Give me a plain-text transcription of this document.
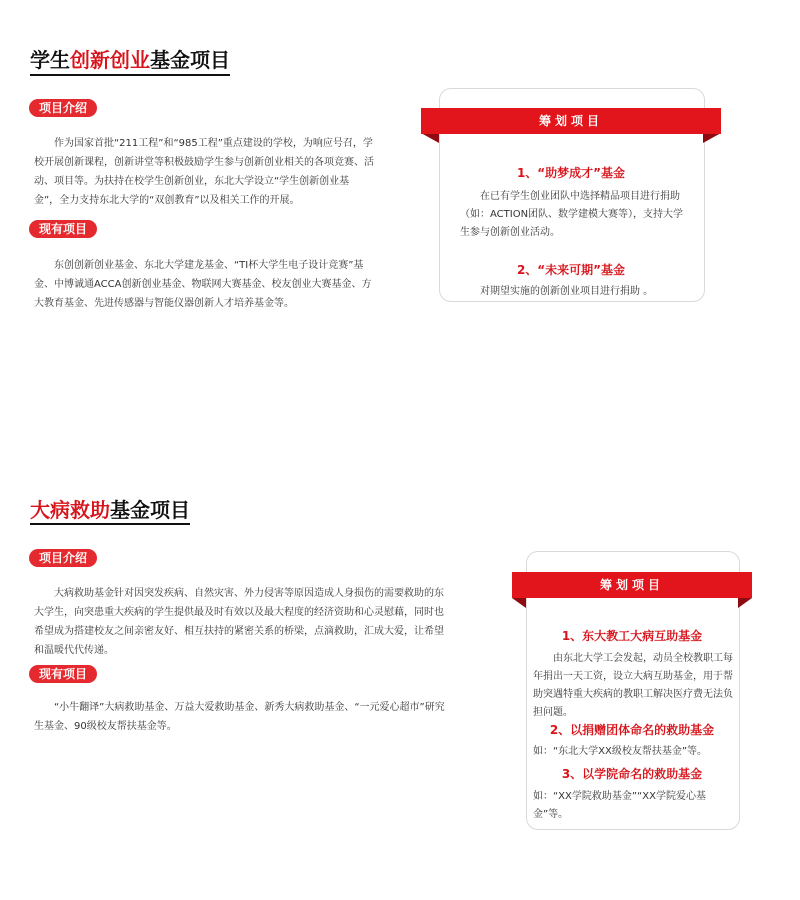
学生创新创业基金项目
项目介绍
作为国家首批“211工程”和“985工程”重点建设的学校，为响应号召，学校开展创新课程，创新讲堂等积极鼓励学生参与创新创业相关的各项竞赛、活动、项目等。为扶持在校学生创新创业，东北大学设立“学生创新创业基金”，全力支持东北大学的“双创教育”以及相关工作的开展。
现有项目
东创创新创业基金、东北大学建龙基金、“TI杯大学生电子设计竞赛”基金、中博诚通ACCA创新创业基金、物联网大赛基金、校友创业大赛基金、方大教育基金、先进传感器与智能仪器创新人才培养基金等。
筹划项目
1、“助梦成才”基金
在已有学生创业团队中选择精品项目进行捐助（如：ACTION团队、数学建模大赛等），支持大学生参与创新创业活动。
2、“未来可期”基金
对期望实施的创新创业项目进行捐助 。
大病救助基金项目
项目介绍
大病救助基金针对因突发疾病、自然灾害、外力侵害等原因造成人身损伤的需要救助的东大学生，向突患重大疾病的学生提供最及时有效以及最大程度的经济资助和心灵慰藉，同时也希望成为搭建校友之间亲密友好、相互扶持的紧密关系的桥梁，点滴救助，汇成大爱，让希望和温暖代代传递。
现有项目
“小牛翻译”大病救助基金、万益大爱救助基金、新秀大病救助基金、“一元爱心超市”研究生基金、90级校友帮扶基金等。
筹划项目
1、东大教工大病互助基金
由东北大学工会发起，动员全校教职工每年捐出一天工资，设立大病互助基金，用于帮助突遇特重大疾病的教职工解决医疗费无法负担问题。
2、以捐赠团体命名的救助基金
如：“东北大学XX级校友帮扶基金”等。
3、以学院命名的救助基金
如：“XX学院救助基金”“XX学院爱心基金”等。
